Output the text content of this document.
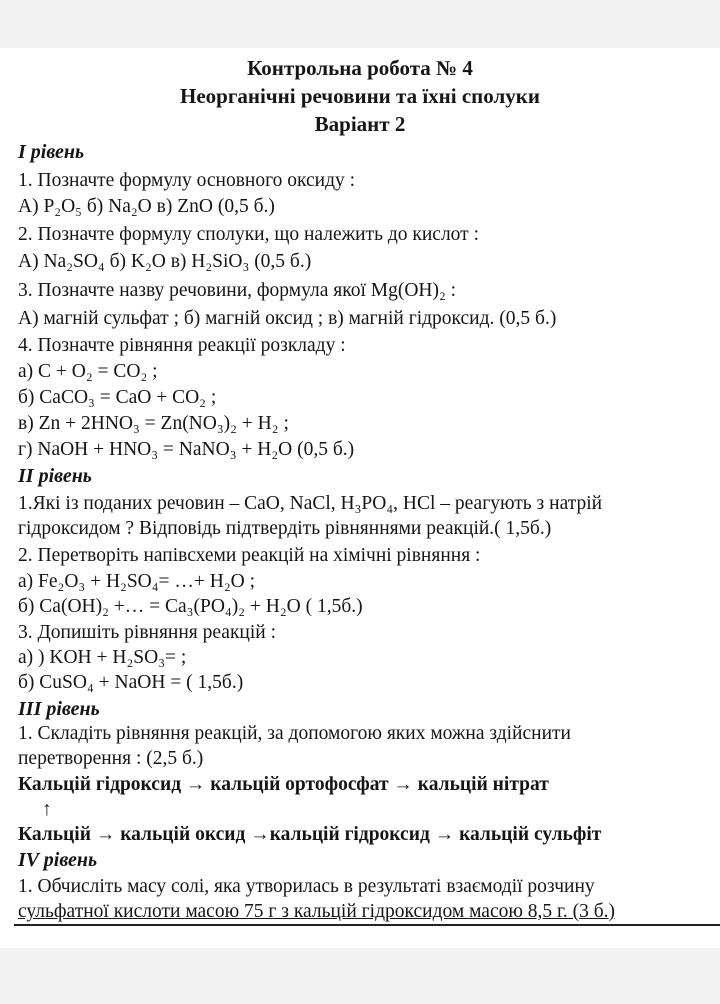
Контрольна робота № 4
Неорганічні речовини та їхні сполуки
Варіант 2
І рівень
1. Позначте формулу основного оксиду :
А) P₂O₅ б) Na₂O в) ZnO (0,5 б.)
2. Позначте формулу сполуки, що належить до кислот :
А) Na₂SO₄ б) K₂O в) H₂SiO₃ (0,5 б.)
3. Позначте назву речовини, формула якої Mg(OH)₂ :
А) магній сульфат ; б) магній оксид ; в) магній гідроксид. (0,5 б.)
4. Позначте рівняння реакції розкладу :
а) C + O₂ = CO₂ ;
б) CaCO₃ = CaO + CO₂ ;
в) Zn + 2HNO₃ = Zn(NO₃)₂ + H₂ ;
г) NaOH + HNO₃ = NaNO₃ + H₂O (0,5 б.)
ІІ рівень
1.Які із поданих речовин – CaO, NaCl, H₃PO₄, HCl – реагують з натрій
гідроксидом ? Відповідь підтвердіть рівняннями реакцій.( 1,5б.)
2. Перетворіть напівсхеми реакцій на хімічні рівняння :
а) Fe₂O₃ + H₂SO₄= …+ H₂O ;
б) Ca(OH)₂ +… = Ca₃(PO₄)₂ + H₂O ( 1,5б.)
3. Допишіть рівняння реакцій :
а) ) KOH + H₂SO₃= ;
б) CuSO₄ + NaOH = ( 1,5б.)
ІІІ рівень
1. Складіть рівняння реакцій, за допомогою яких можна здійснити
перетворення : (2,5 б.)
Кальцій гідроксид → кальцій ортофосфат → кальцій нітрат
↑
Кальцій → кальцій оксид →кальцій гідроксид → кальцій сульфіт
IV рівень
1. Обчисліть масу солі, яка утворилась в результаті взаємодії розчину
сульфатної кислоти масою 75 г з кальцій гідроксидом масою 8,5 г. (3 б.)
